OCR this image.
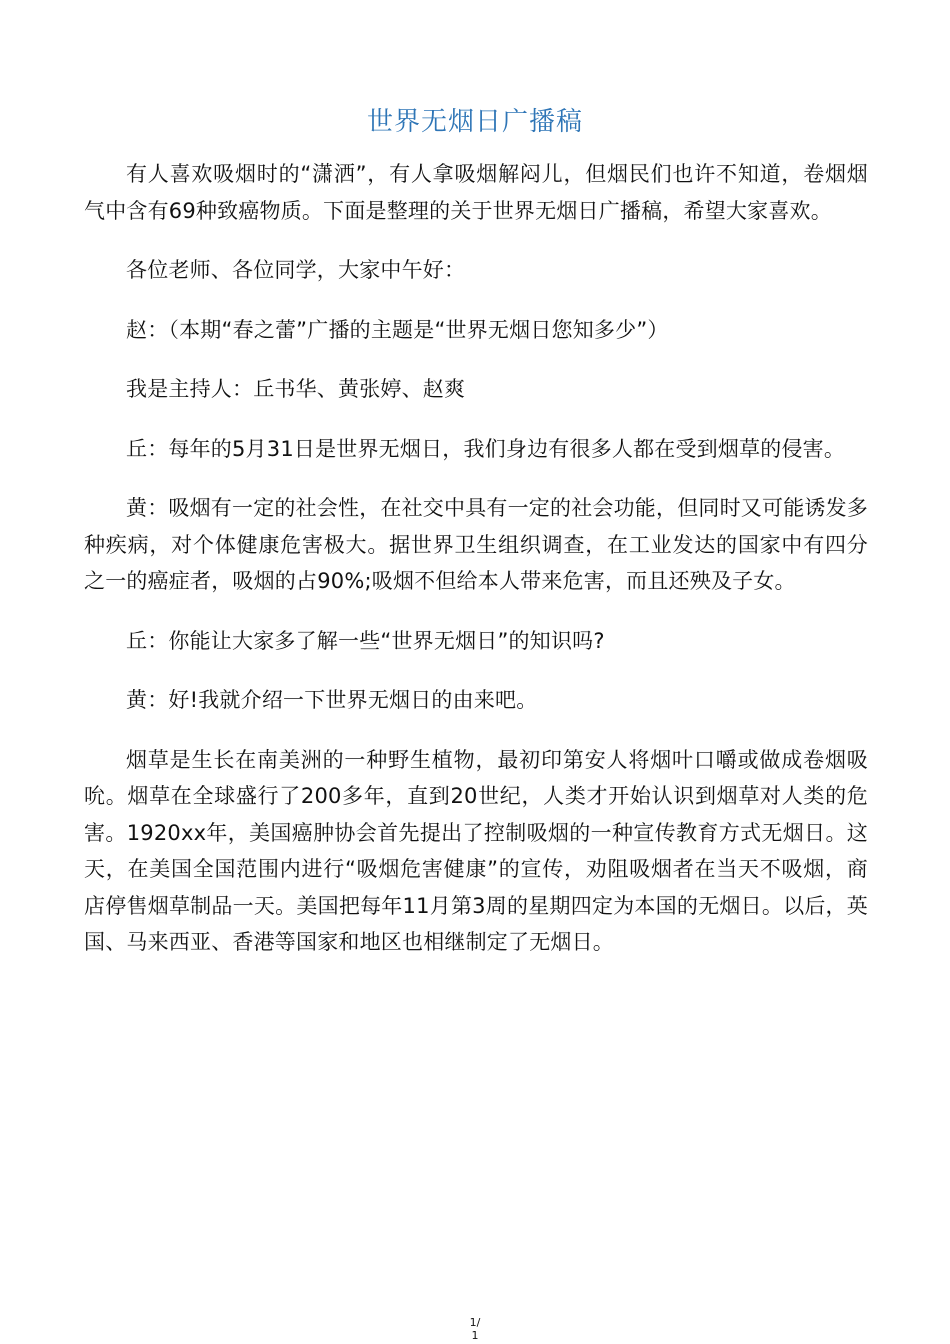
世界无烟日广播稿

有人喜欢吸烟时的“潇洒”，有人拿吸烟解闷儿，但烟民们也许不知道，卷烟烟气中含有69种致癌物质。下面是整理的关于世界无烟日广播稿，希望大家喜欢。

各位老师、各位同学，大家中午好：

赵：（本期“春之蕾”广播的主题是“世界无烟日您知多少”）

我是主持人：丘书华、黄张婷、赵爽

丘：每年的5月31日是世界无烟日，我们身边有很多人都在受到烟草的侵害。

黄：吸烟有一定的社会性，在社交中具有一定的社会功能，但同时又可能诱发多种疾病，对个体健康危害极大。据世界卫生组织调查，在工业发达的国家中有四分之一的癌症者，吸烟的占90%;吸烟不但给本人带来危害，而且还殃及子女。

丘：你能让大家多了解一些“世界无烟日”的知识吗?

黄：好!我就介绍一下世界无烟日的由来吧。

烟草是生长在南美洲的一种野生植物，最初印第安人将烟叶口嚼或做成卷烟吸吮。烟草在全球盛行了200多年，直到20世纪，人类才开始认识到烟草对人类的危害。1920xx年，美国癌肿协会首先提出了控制吸烟的一种宣传教育方式无烟日。这天，在美国全国范围内进行“吸烟危害健康”的宣传，劝阻吸烟者在当天不吸烟，商店停售烟草制品一天。美国把每年11月第3周的星期四定为本国的无烟日。以后，英国、马来西亚、香港等国家和地区也相继制定了无烟日。

1/
1
